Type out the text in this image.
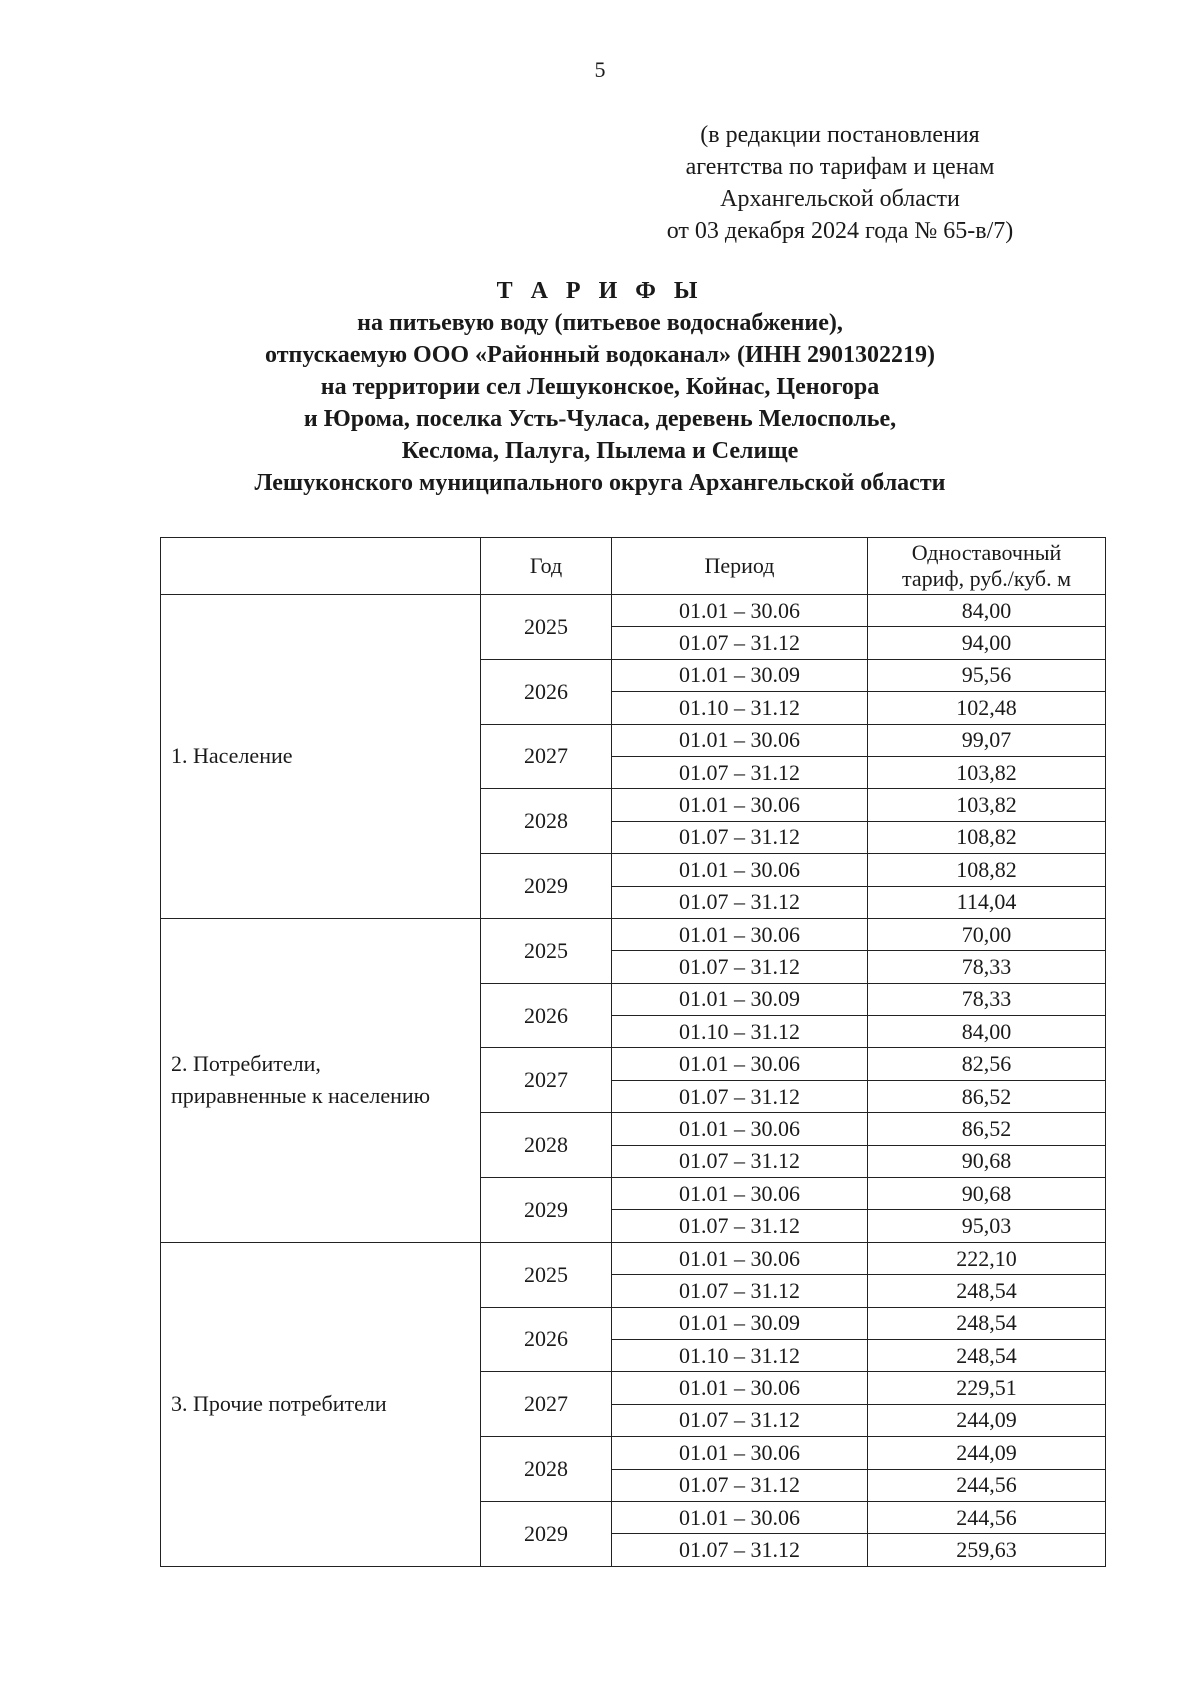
5
(в редакции постановления
агентства по тарифам и ценам
Архангельской области
от 03 декабря 2024 года № 65-в/7)
Т А Р И Ф Ы
на питьевую воду (питьевое водоснабжение),
отпускаемую ООО «Районный водоканал» (ИНН 2901302219)
на территории сел Лешуконское, Койнас, Ценогора
и Юрома, поселка Усть-Чуласа, деревень Мелосполье,
Кеслома, Палуга, Пылема и Селище
Лешуконского муниципального округа Архангельской области
	Год	Период	Одноставочный
тариф, руб./куб. м

1. Население	2025	01.01 – 30.06	84,00
		01.07 – 31.12	94,00
	2026	01.01 – 30.09	95,56
		01.10 – 31.12	102,48
	2027	01.01 – 30.06	99,07
		01.07 – 31.12	103,82
	2028	01.01 – 30.06	103,82
		01.07 – 31.12	108,82
	2029	01.01 – 30.06	108,82
		01.07 – 31.12	114,04

2. Потребители,
приравненные к населению	2025	01.01 – 30.06	70,00
		01.07 – 31.12	78,33
	2026	01.01 – 30.09	78,33
		01.10 – 31.12	84,00
	2027	01.01 – 30.06	82,56
		01.07 – 31.12	86,52
	2028	01.01 – 30.06	86,52
		01.07 – 31.12	90,68
	2029	01.01 – 30.06	90,68
		01.07 – 31.12	95,03

3. Прочие потребители	2025	01.01 – 30.06	222,10
		01.07 – 31.12	248,54
	2026	01.01 – 30.09	248,54
		01.10 – 31.12	248,54
	2027	01.01 – 30.06	229,51
		01.07 – 31.12	244,09
	2028	01.01 – 30.06	244,09
		01.07 – 31.12	244,56
	2029	01.01 – 30.06	244,56
		01.07 – 31.12	259,63
